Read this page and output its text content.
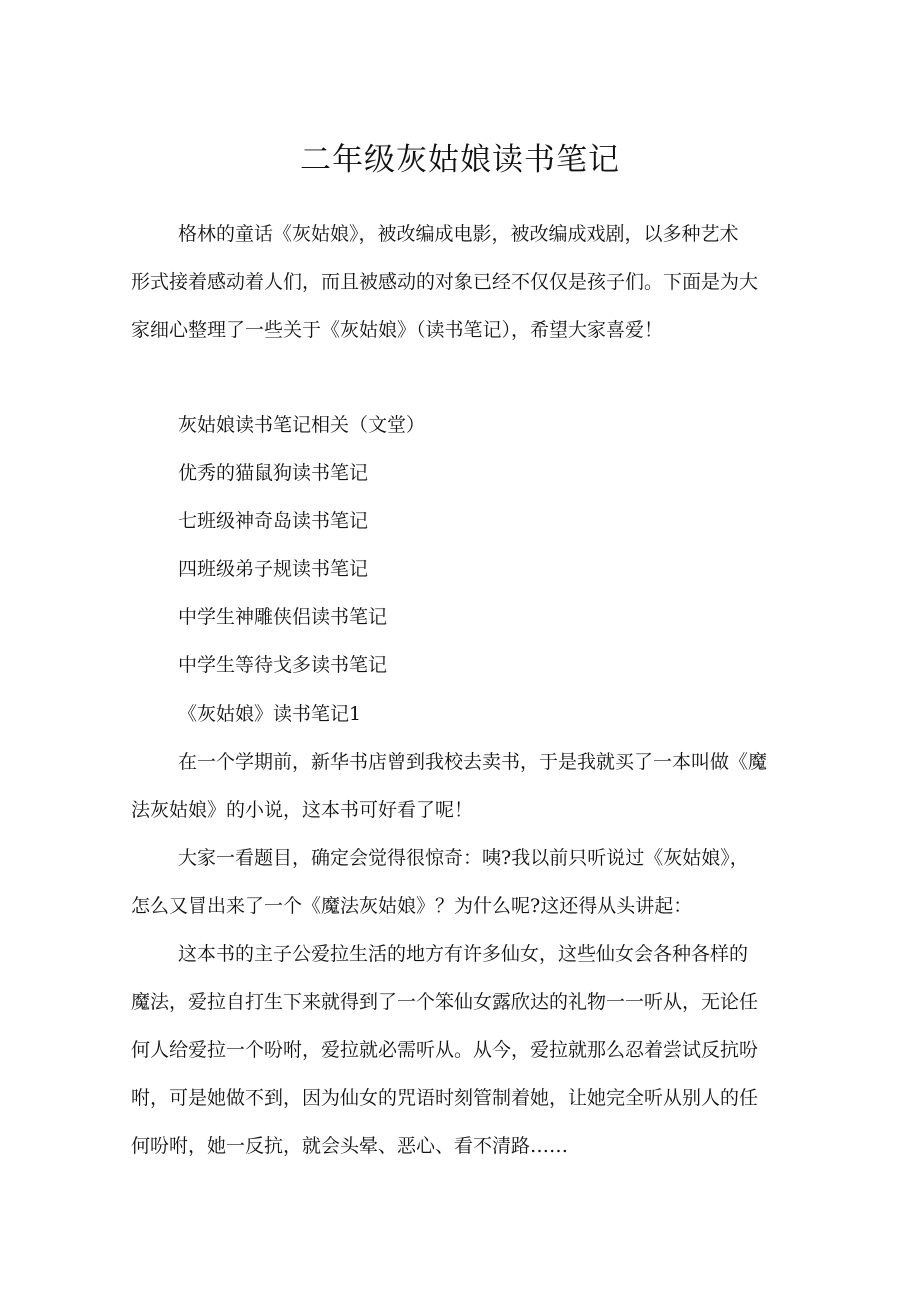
二年级灰姑娘读书笔记

格林的童话《灰姑娘》，被改编成电影，被改编成戏剧，以多种艺术

形式接着感动着人们，而且被感动的对象已经不仅仅是孩子们。下面是为大

家细心整理了一些关于《灰姑娘》（读书笔记），希望大家喜爱！

灰姑娘读书笔记相关（文堂）

优秀的猫鼠狗读书笔记

七班级神奇岛读书笔记

四班级弟子规读书笔记

中学生神雕侠侣读书笔记

中学生等待戈多读书笔记

《灰姑娘》读书笔记1

在一个学期前，新华书店曾到我校去卖书，于是我就买了一本叫做《魔

法灰姑娘》的小说，这本书可好看了呢！

大家一看题目，确定会觉得很惊奇：咦?我以前只听说过《灰姑娘》，

怎么又冒出来了一个《魔法灰姑娘》？为什么呢?这还得从头讲起：

这本书的主子公爱拉生活的地方有许多仙女，这些仙女会各种各样的

魔法，爱拉自打生下来就得到了一个笨仙女露欣达的礼物一一听从，无论任

何人给爱拉一个吩咐，爱拉就必需听从。从今，爱拉就那么忍着尝试反抗吩

咐，可是她做不到，因为仙女的咒语时刻管制着她，让她完全听从别人的任

何吩咐，她一反抗，就会头晕、恶心、看不清路……
